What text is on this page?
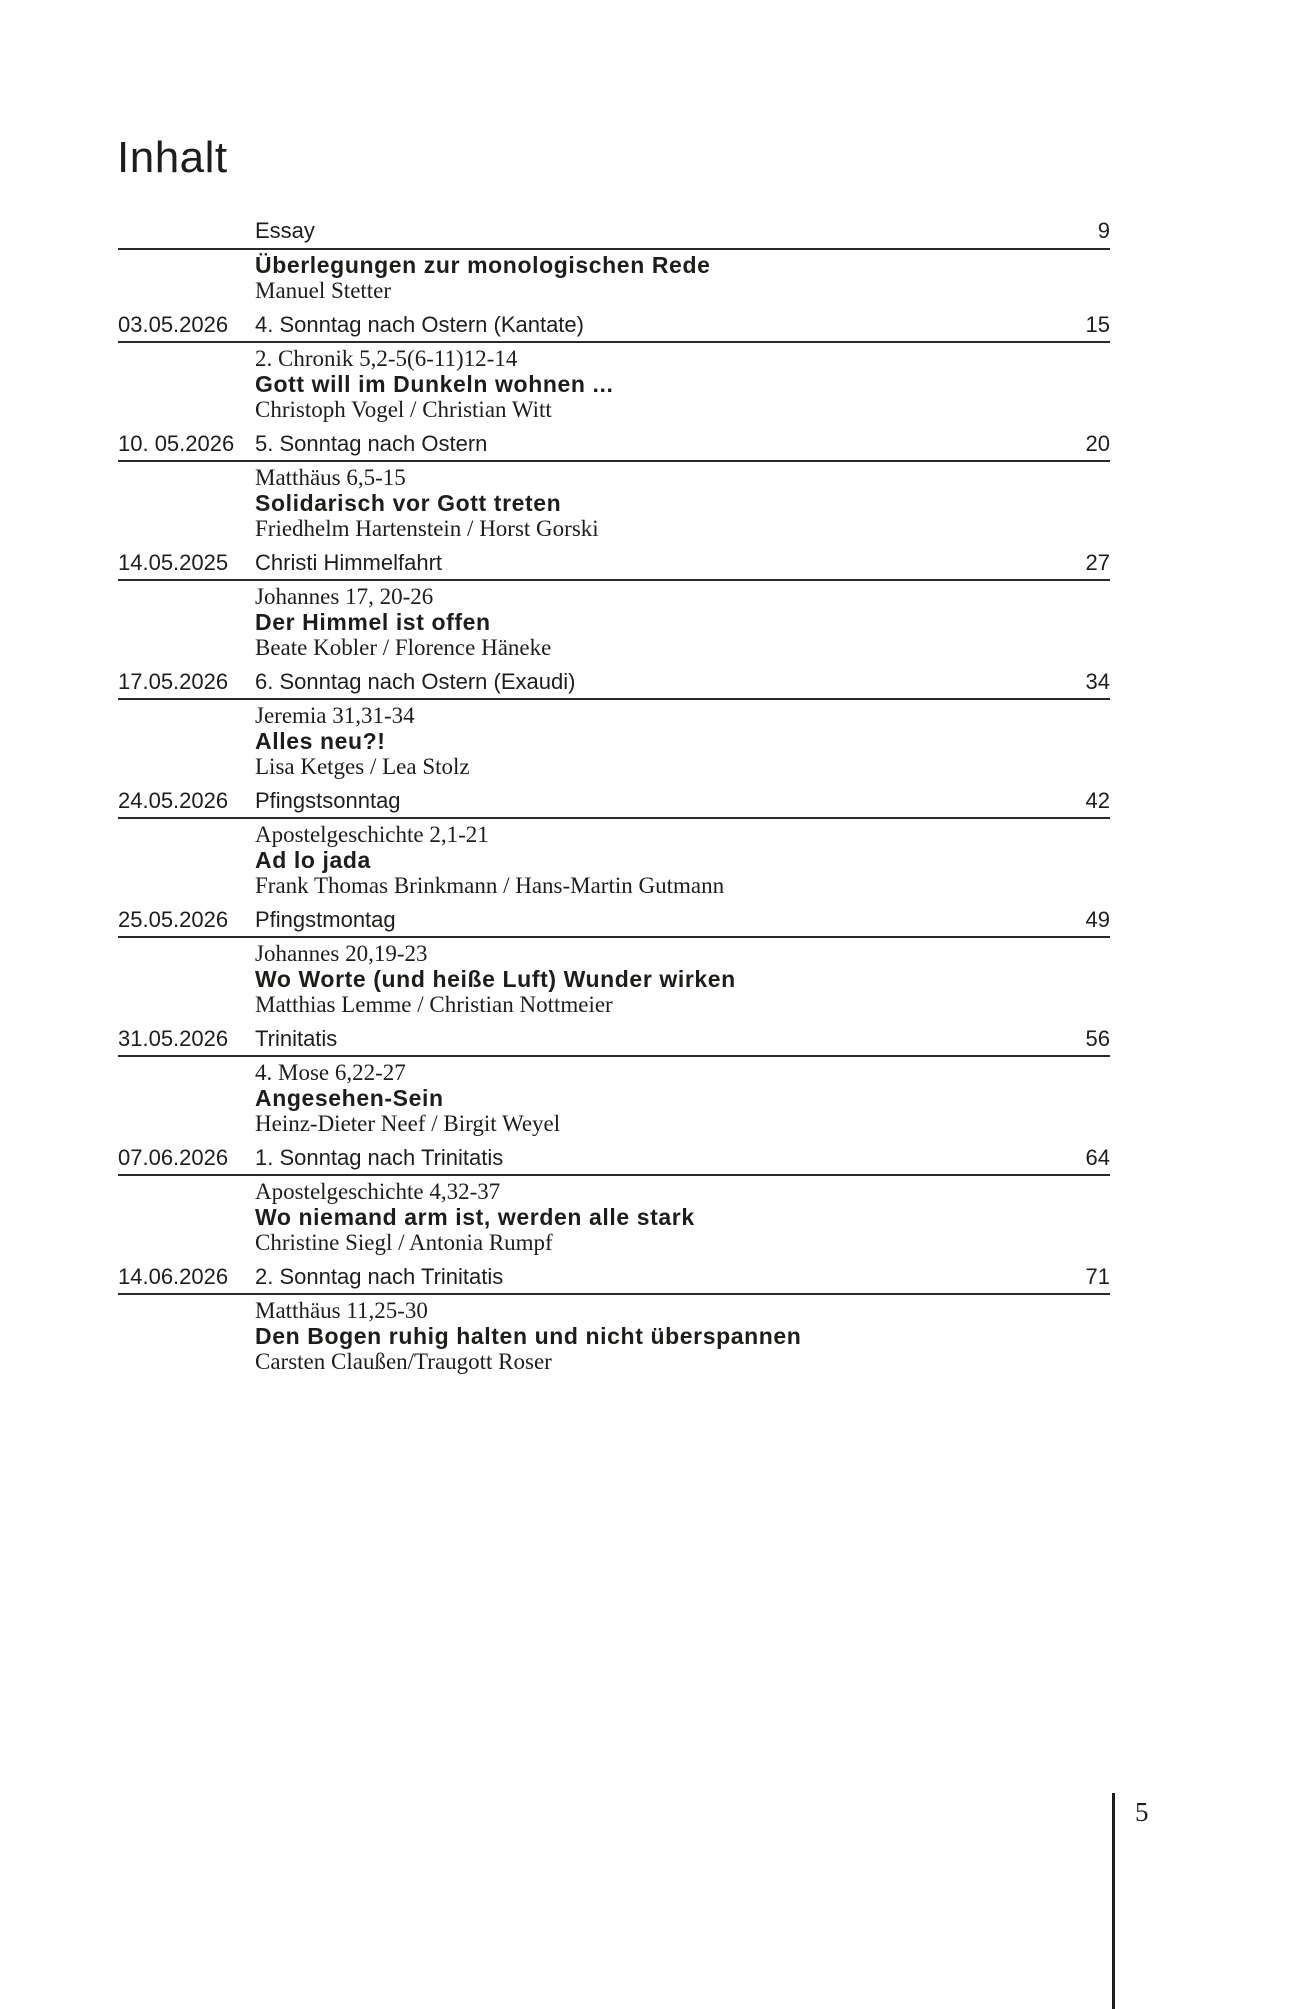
Inhalt
Essay	9
Überlegungen zur monologischen Rede
Manuel Stetter
03.05.2026	4. Sonntag nach Ostern (Kantate)	15
2. Chronik 5,2-5(6-11)12-14
Gott will im Dunkeln wohnen ...
Christoph Vogel / Christian Witt
10. 05.2026 5. Sonntag nach Ostern	20
Matthäus 6,5-15
Solidarisch vor Gott treten
Friedhelm Hartenstein / Horst Gorski
14.05.2025	Christi Himmelfahrt	27
Johannes 17, 20-26
Der Himmel ist offen
Beate Kobler / Florence Häneke
17.05.2026	6. Sonntag nach Ostern (Exaudi)	34
Jeremia 31,31-34
Alles neu?!
Lisa Ketges / Lea Stolz
24.05.2026	Pfingstsonntag	42
Apostelgeschichte 2,1-21
Ad lo jada
Frank Thomas Brinkmann / Hans-Martin Gutmann
25.05.2026	Pfingstmontag	49
Johannes 20,19-23
Wo Worte (und heiße Luft) Wunder wirken
Matthias Lemme / Christian Nottmeier
31.05.2026	Trinitatis	56
4. Mose 6,22-27
Angesehen-Sein
Heinz-Dieter Neef / Birgit Weyel
07.06.2026	1. Sonntag nach Trinitatis	64
Apostelgeschichte 4,32-37
Wo niemand arm ist, werden alle stark
Christine Siegl / Antonia Rumpf
14.06.2026	2. Sonntag nach Trinitatis	71
Matthäus 11,25-30
Den Bogen ruhig halten und nicht überspannen
Carsten Claußen/Traugott Roser
5
